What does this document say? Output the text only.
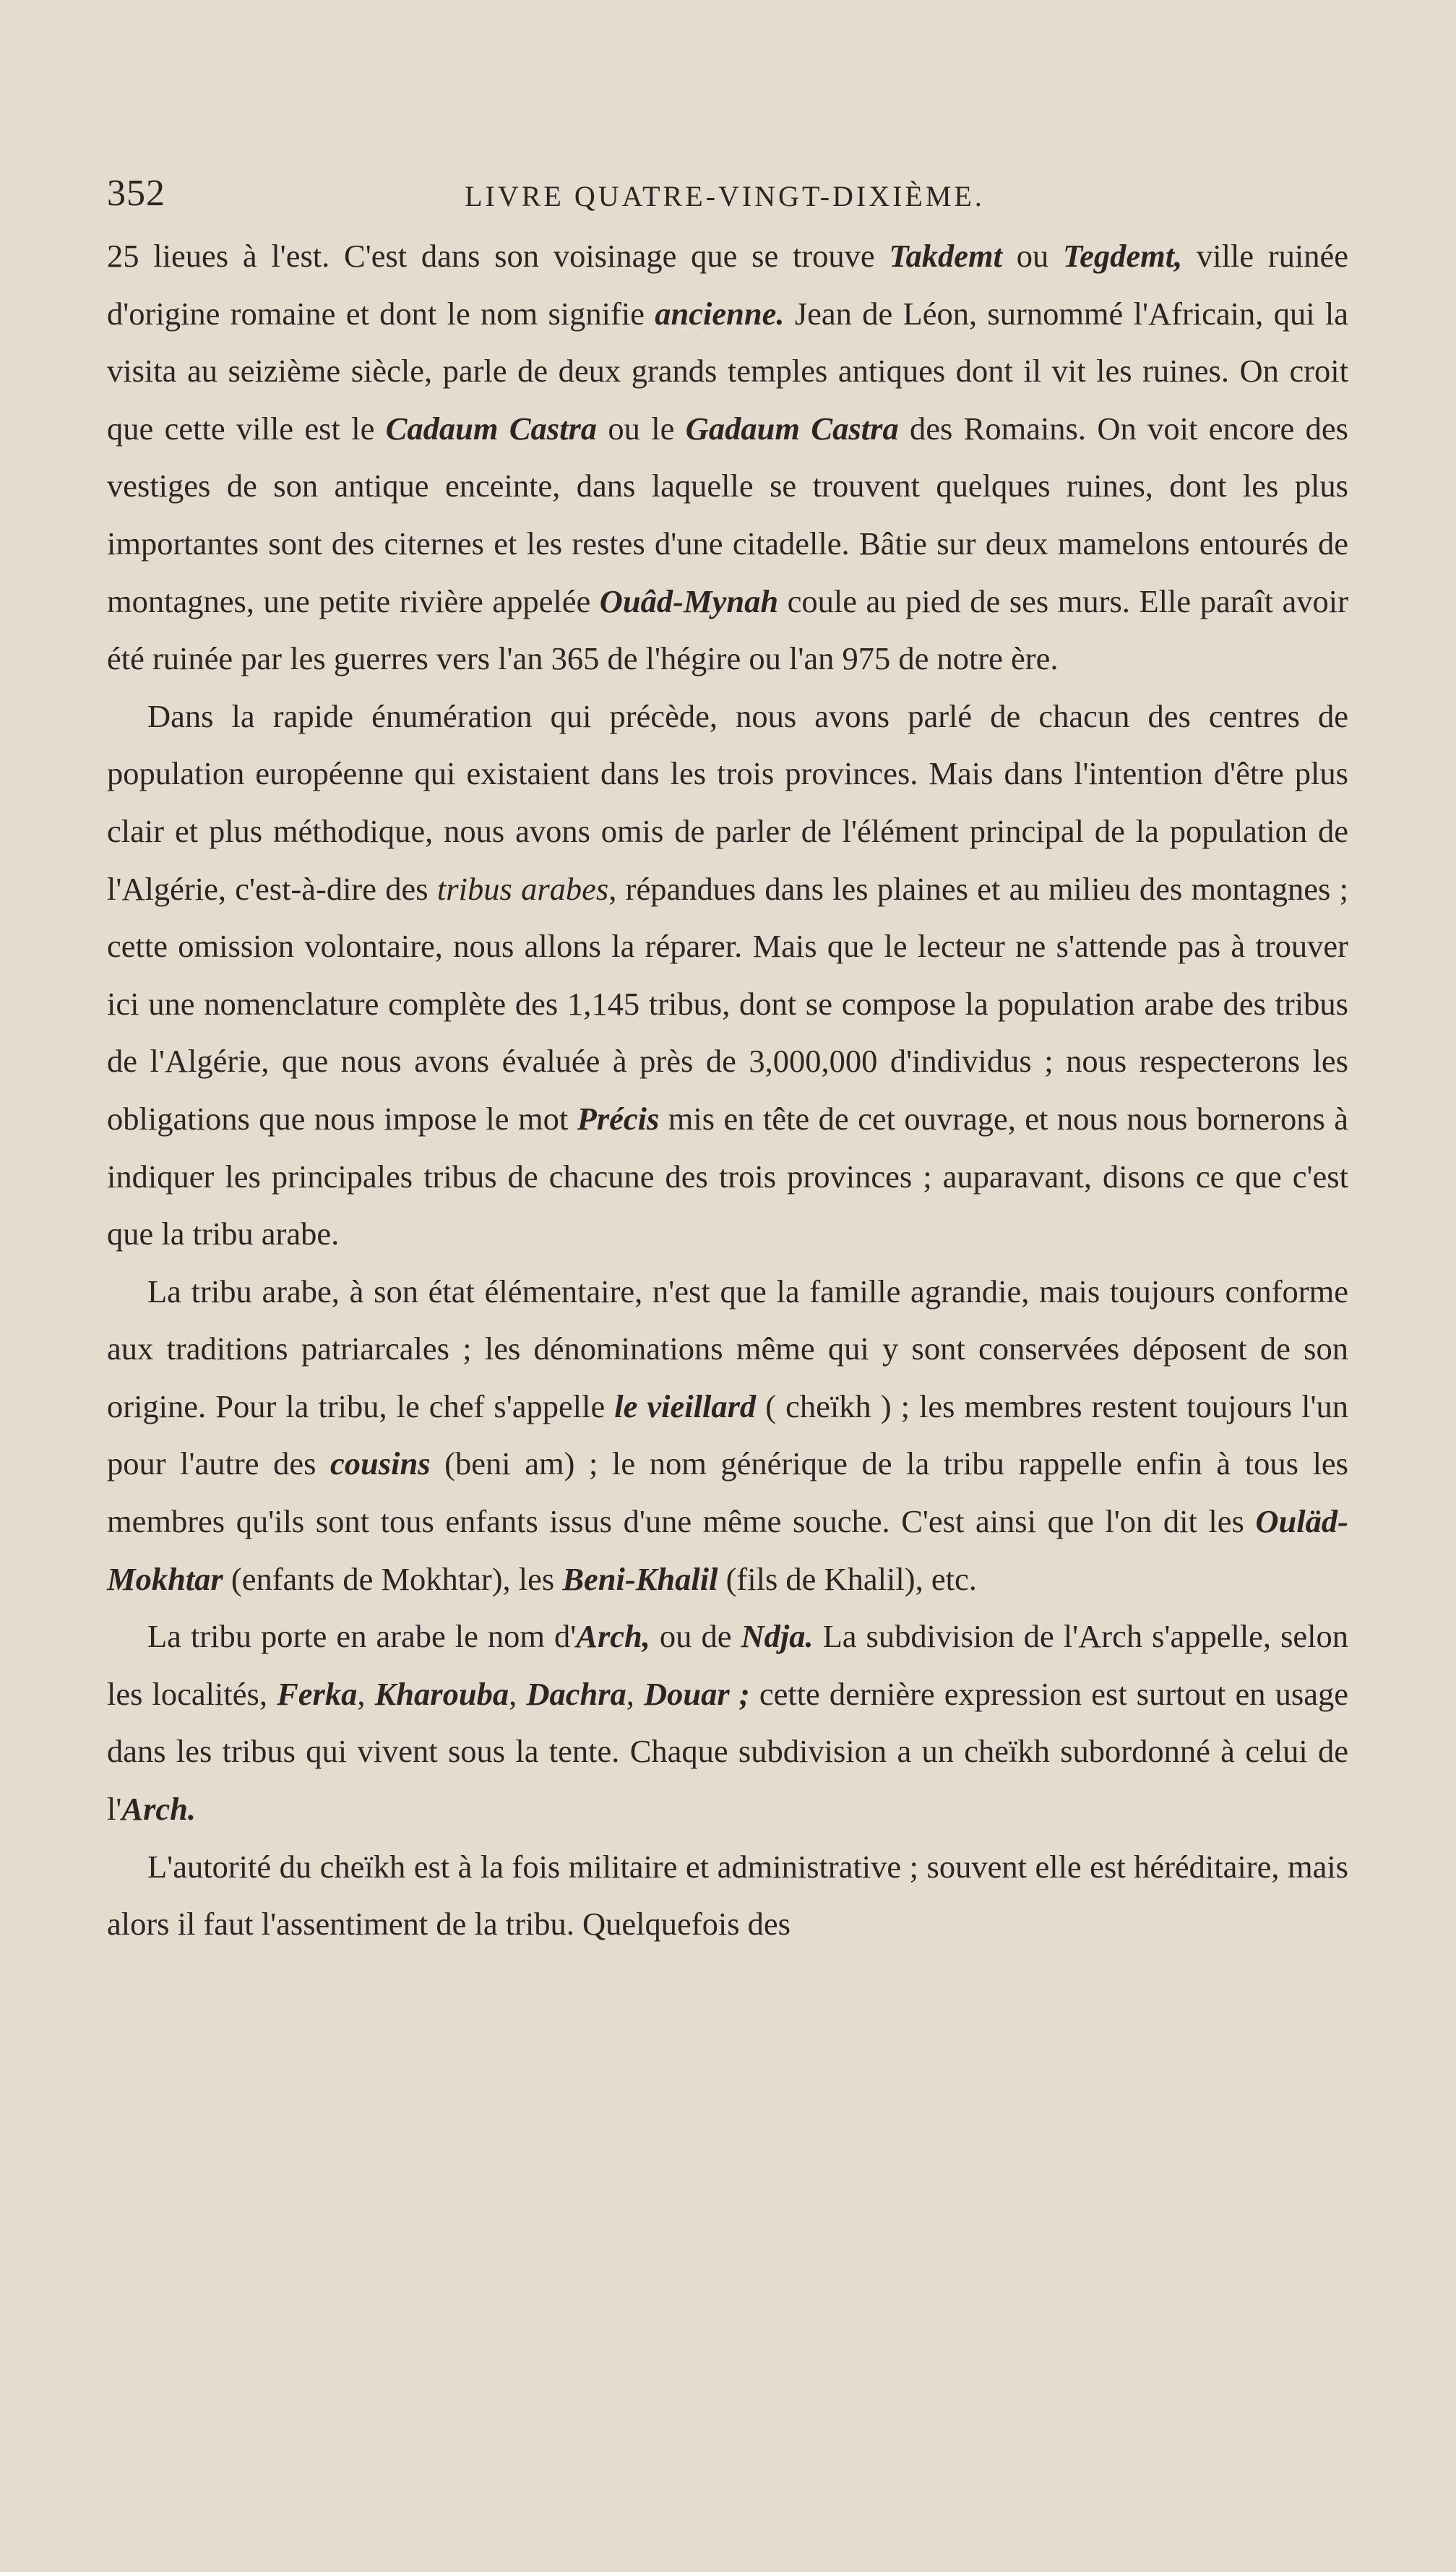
352	LIVRE QUATRE-VINGT-DIXIÈME.

25 lieues à l'est. C'est dans son voisinage que se trouve Takdemt ou Tegdemt, ville ruinée d'origine romaine et dont le nom signifie ancienne. Jean de Léon, surnommé l'Africain, qui la visita au seizième siècle, parle de deux grands temples antiques dont il vit les ruines. On croit que cette ville est le Cadaum Castra ou le Gadaum Castra des Romains. On voit encore des vestiges de son antique enceinte, dans laquelle se trouvent quelques ruines, dont les plus importantes sont des citernes et les restes d'une citadelle. Bâtie sur deux mamelons entourés de montagnes, une petite rivière appelée Ouâd-Mynah coule au pied de ses murs. Elle paraît avoir été ruinée par les guerres vers l'an 365 de l'hégire ou l'an 975 de notre ère.

Dans la rapide énumération qui précède, nous avons parlé de chacun des centres de population européenne qui existaient dans les trois provinces. Mais dans l'intention d'être plus clair et plus méthodique, nous avons omis de parler de l'élément principal de la population de l'Algérie, c'est-à-dire des tribus arabes, répandues dans les plaines et au milieu des montagnes ; cette omission volontaire, nous allons la réparer. Mais que le lecteur ne s'attende pas à trouver ici une nomenclature complète des 1,145 tribus, dont se compose la population arabe des tribus de l'Algérie, que nous avons évaluée à près de 3,000,000 d'individus ; nous respecterons les obligations que nous impose le mot Précis mis en tête de cet ouvrage, et nous nous bornerons à indiquer les principales tribus de chacune des trois provinces ; auparavant, disons ce que c'est que la tribu arabe.

La tribu arabe, à son état élémentaire, n'est que la famille agrandie, mais toujours conforme aux traditions patriarcales ; les dénominations même qui y sont conservées déposent de son origine. Pour la tribu, le chef s'appelle le vieillard ( cheïkh ) ; les membres restent toujours l'un pour l'autre des cousins (beni am) ; le nom générique de la tribu rappelle enfin à tous les membres qu'ils sont tous enfants issus d'une même souche. C'est ainsi que l'on dit les Ouläd-Mokhtar (enfants de Mokhtar), les Beni-Khalil (fils de Khalil), etc.

La tribu porte en arabe le nom d'Arch, ou de Ndja. La subdivision de l'Arch s'appelle, selon les localités, Ferka, Kharouba, Dachra, Douar ; cette dernière expression est surtout en usage dans les tribus qui vivent sous la tente. Chaque subdivision a un cheïkh subordonné à celui de l'Arch.

L'autorité du cheïkh est à la fois militaire et administrative ; souvent elle est héréditaire, mais alors il faut l'assentiment de la tribu. Quelquefois des
